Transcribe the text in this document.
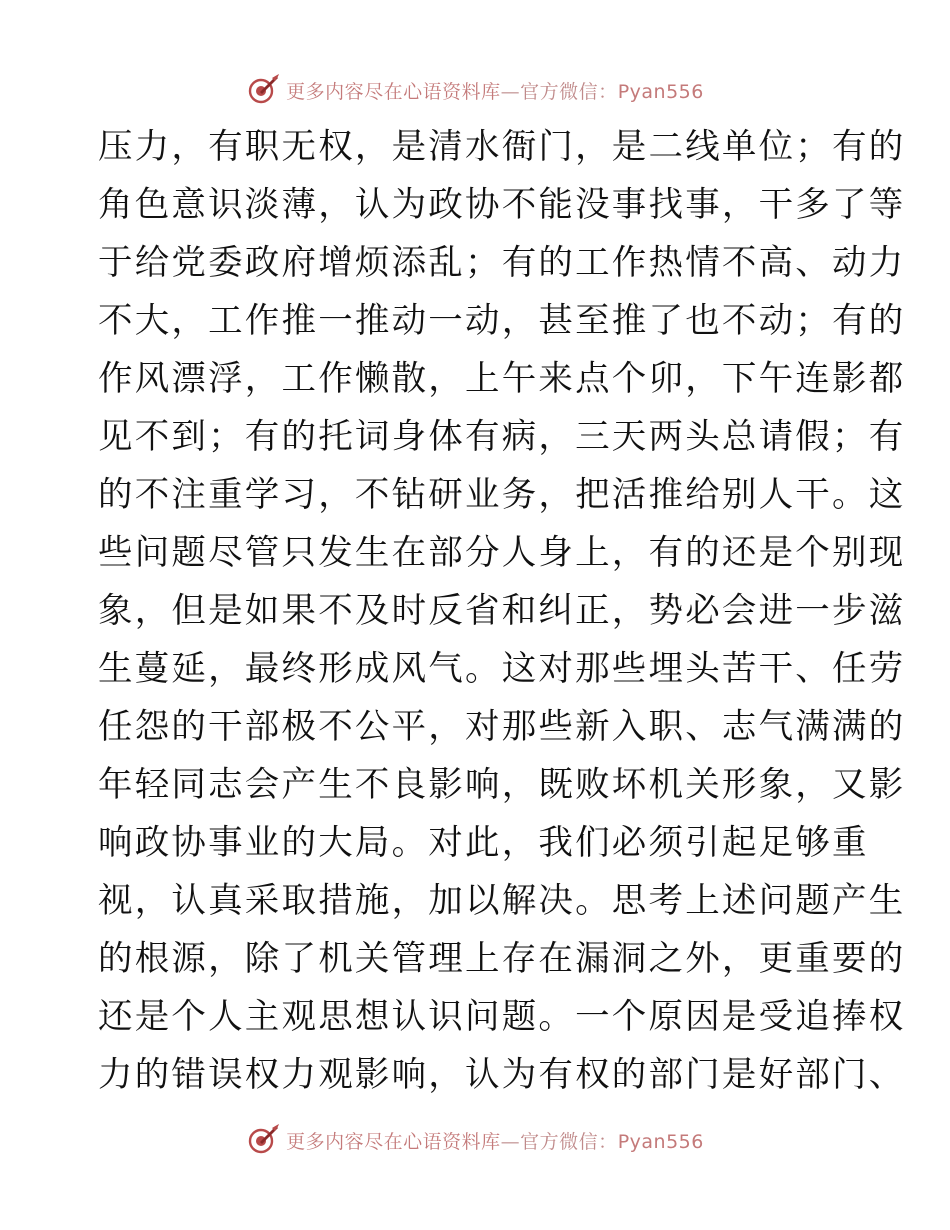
更多内容尽在心语资料库—官方微信：Pyan556
压力，有职无权，是清水衙门，是二线单位；有的
角色意识淡薄，认为政协不能没事找事，干多了等
于给党委政府增烦添乱；有的工作热情不高、动力
不大，工作推一推动一动，甚至推了也不动；有的
作风漂浮，工作懒散，上午来点个卯，下午连影都
见不到；有的托词身体有病，三天两头总请假；有
的不注重学习，不钻研业务，把活推给别人干。这
些问题尽管只发生在部分人身上，有的还是个别现
象，但是如果不及时反省和纠正，势必会进一步滋
生蔓延，最终形成风气。这对那些埋头苦干、任劳
任怨的干部极不公平，对那些新入职、志气满满的
年轻同志会产生不良影响，既败坏机关形象，又影
响政协事业的大局。对此，我们必须引起足够重
视，认真采取措施，加以解决。思考上述问题产生
的根源，除了机关管理上存在漏洞之外，更重要的
还是个人主观思想认识问题。一个原因是受追捧权
力的错误权力观影响，认为有权的部门是好部门、
更多内容尽在心语资料库—官方微信：Pyan556
